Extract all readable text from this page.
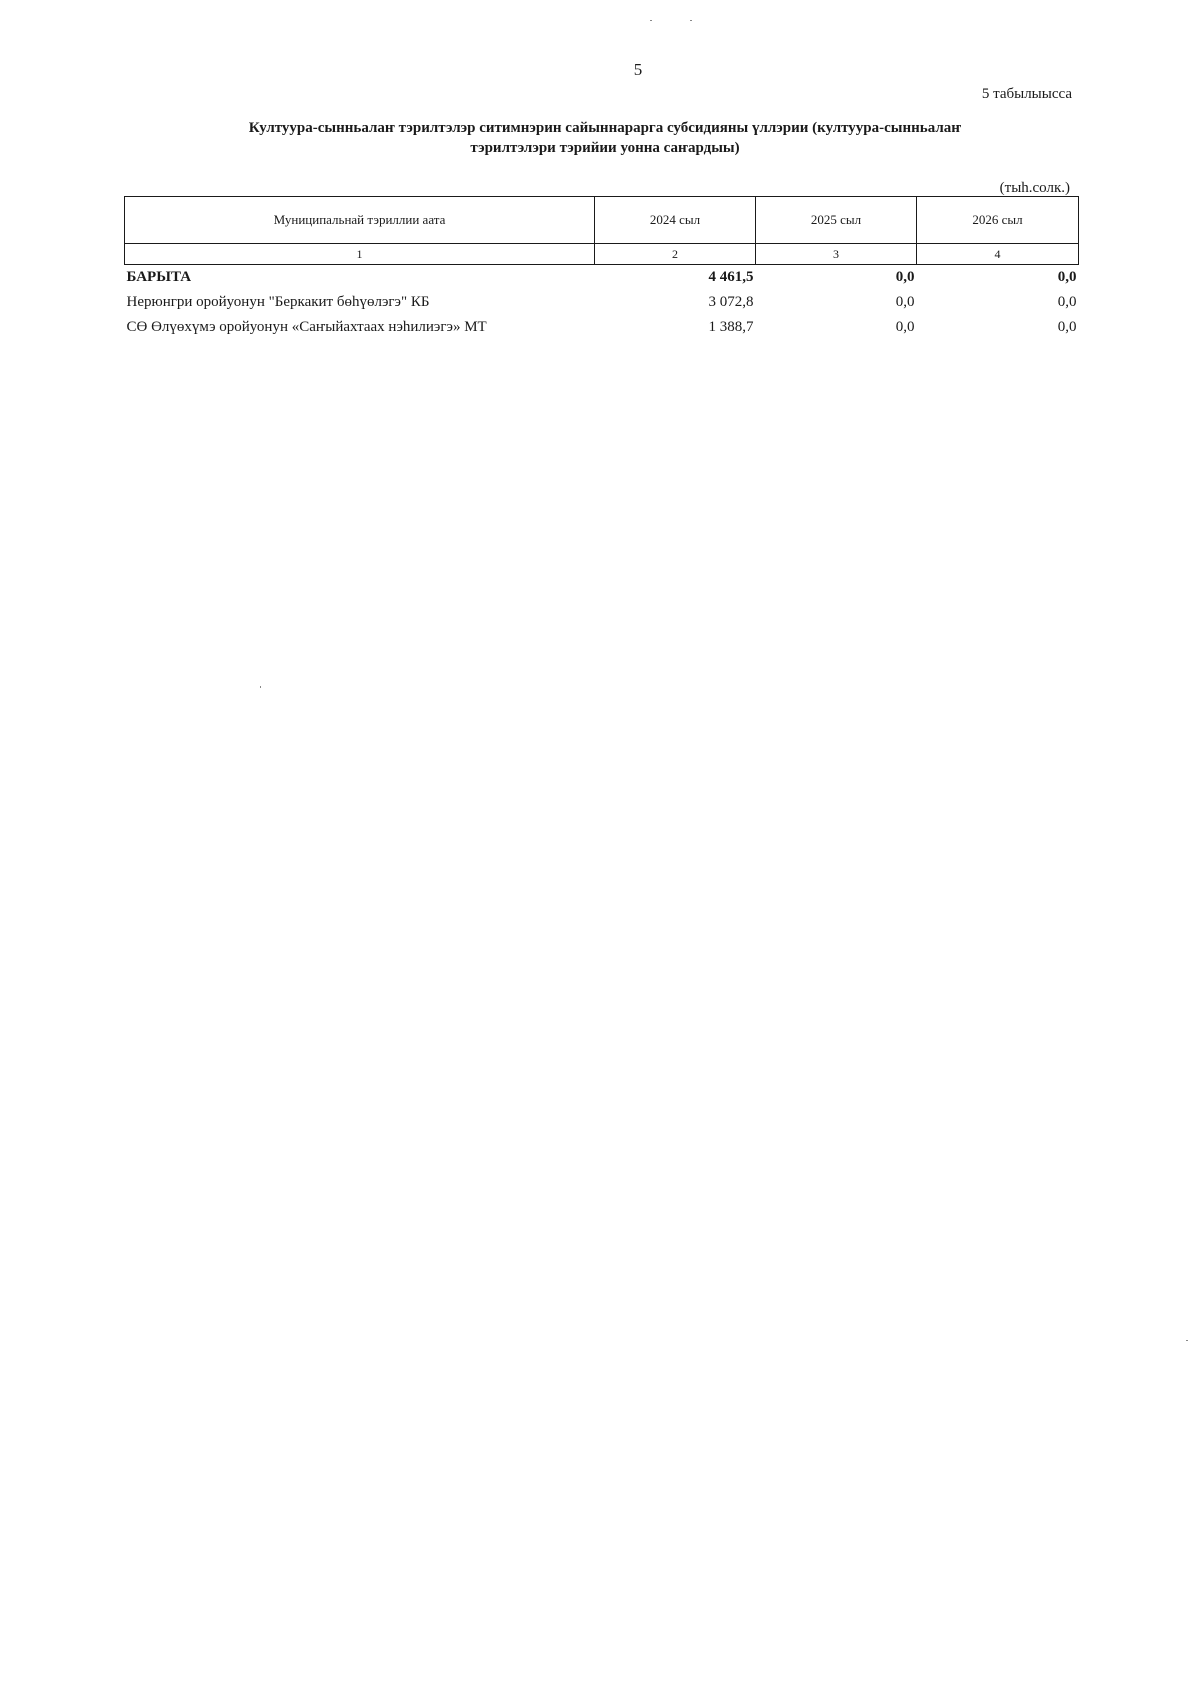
5
5 табылыысса
Култуура-сынньалаҥ тэрилтэлэр ситимнэрин сайыннарарга субсидияны үллэрии (култуура-сынньалаҥ
тэрилтэлэри тэрийии уонна саҥардыы)
(тыһ.солк.)
Муниципальнай тэриллии аата	2024 сыл	2025 сыл	2026 сыл
1	2	3	4
БАРЫТА	4 461,5	0,0	0,0
Нерюнгри оройуонун "Беркакит бөһүөлэгэ" КБ	3 072,8	0,0	0,0
СӨ Өлүөхүмэ оройуонун «Саҥыйахтаах нэһилиэгэ» МТ	1 388,7	0,0	0,0
